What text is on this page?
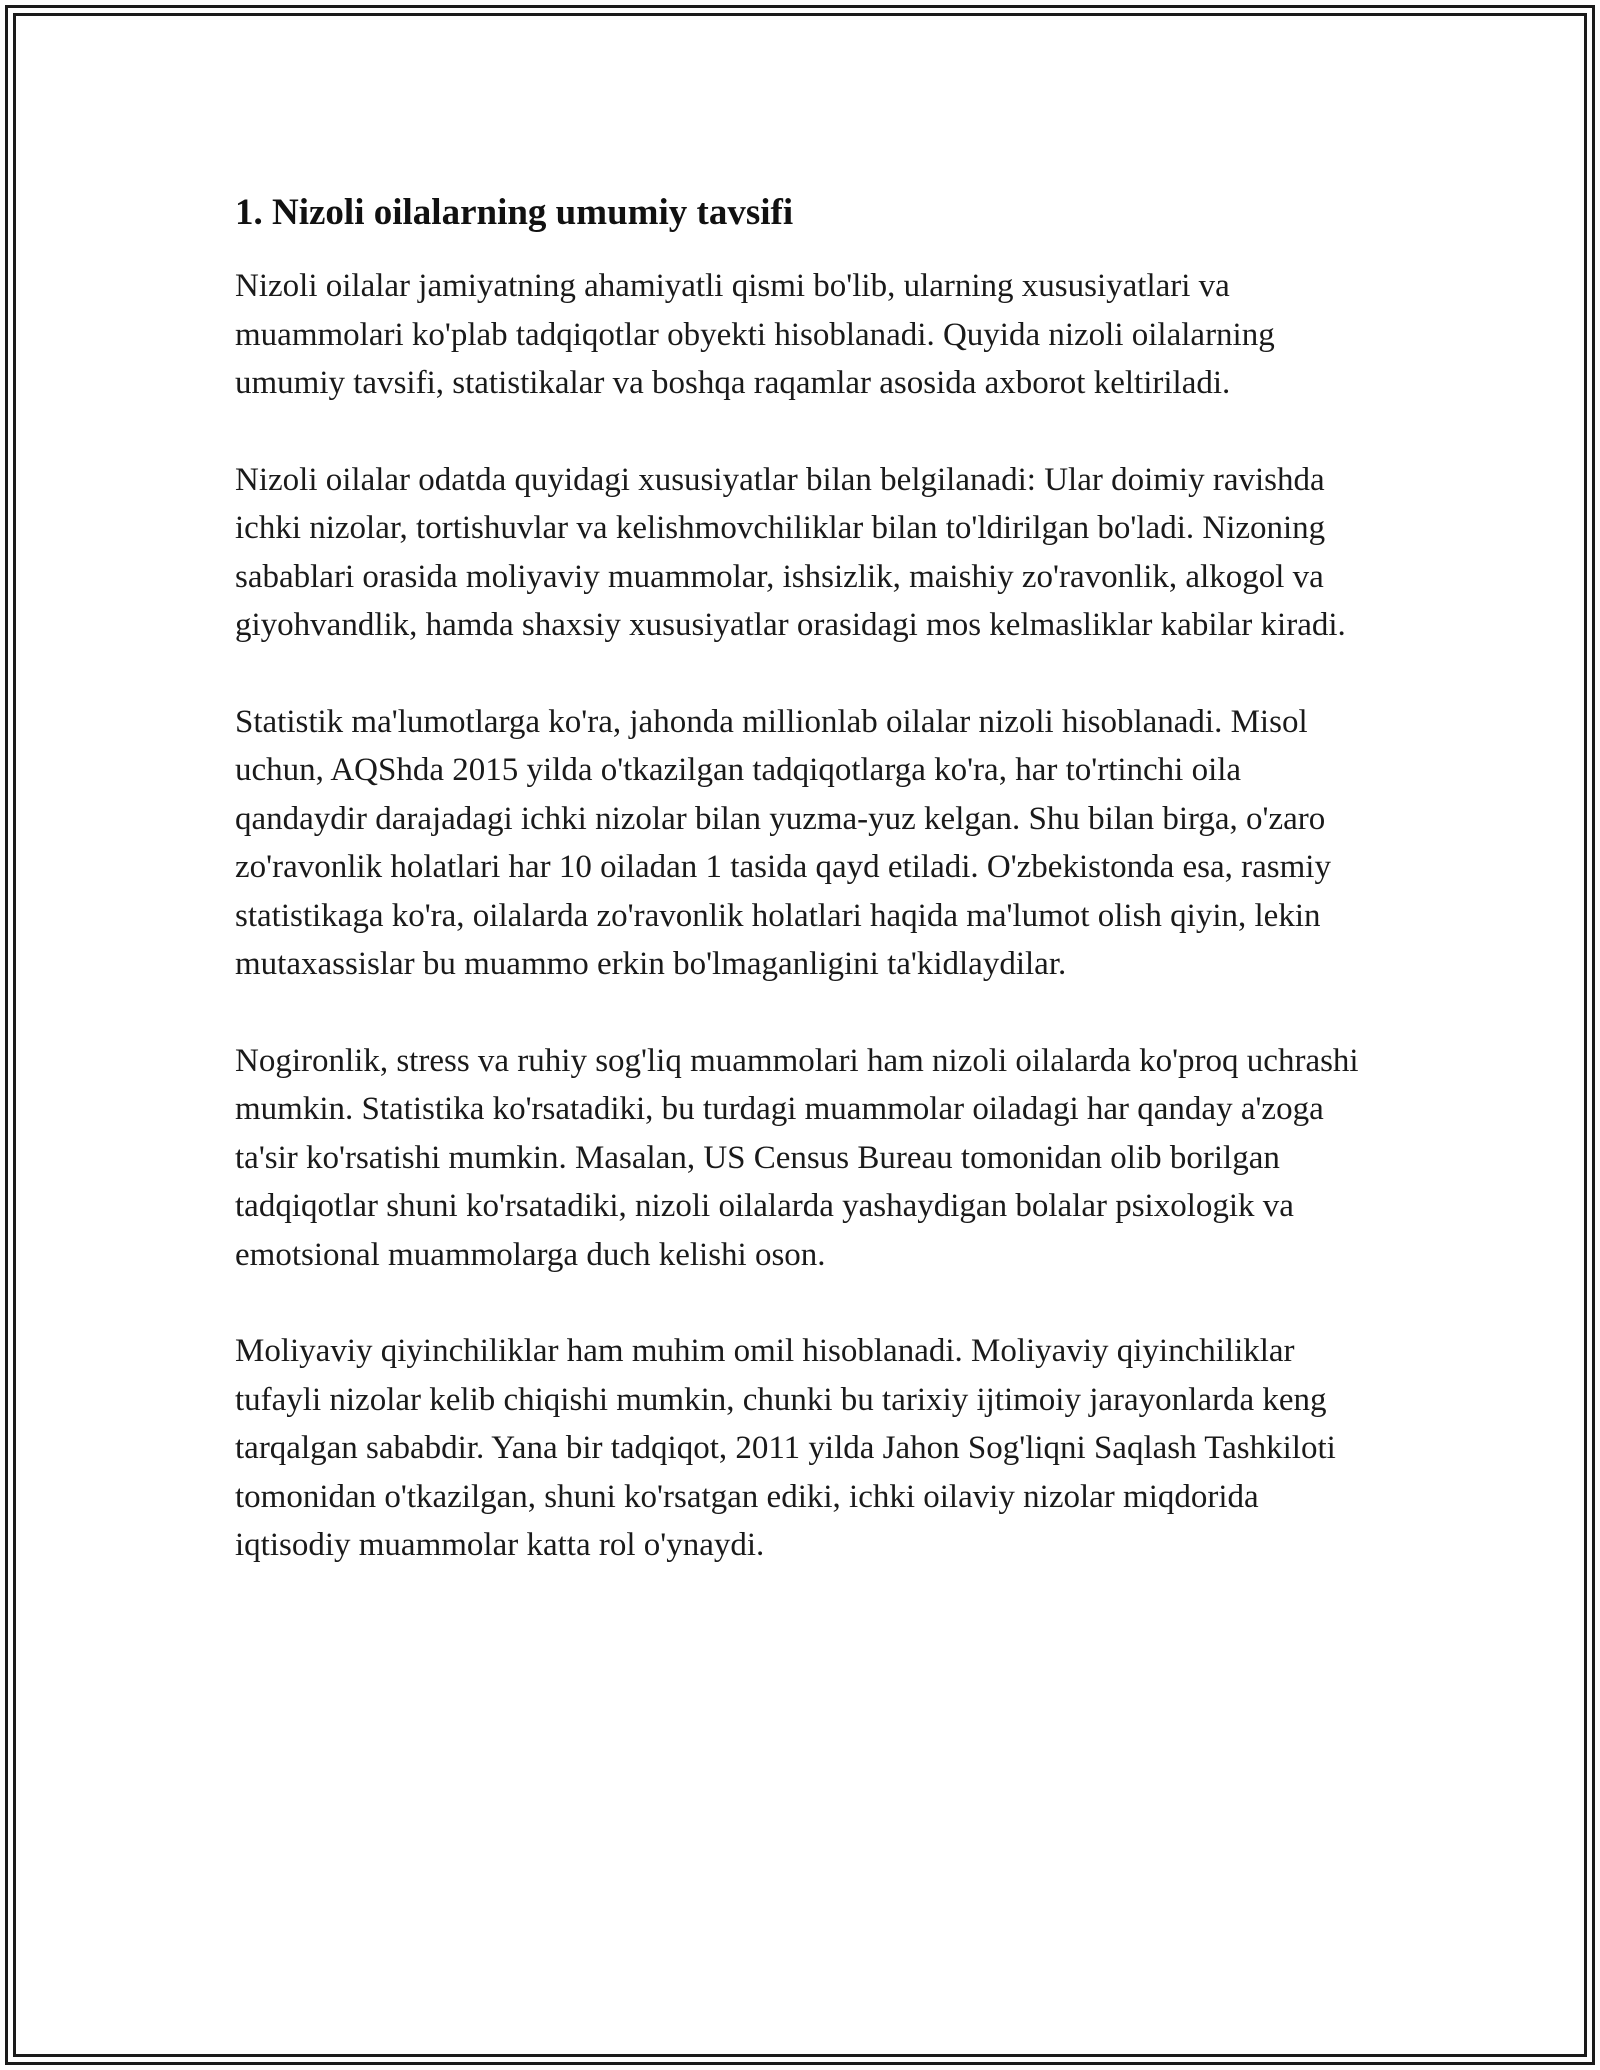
1. Nizoli oilalarning umumiy tavsifi

Nizoli oilalar jamiyatning ahamiyatli qismi bo'lib, ularning xususiyatlari va muammolari ko'plab tadqiqotlar obyekti hisoblanadi. Quyida nizoli oilalarning umumiy tavsifi, statistikalar va boshqa raqamlar asosida axborot keltiriladi.

Nizoli oilalar odatda quyidagi xususiyatlar bilan belgilanadi: Ular doimiy ravishda ichki nizolar, tortishuvlar va kelishmovchiliklar bilan to'ldirilgan bo'ladi. Nizoning sabablari orasida moliyaviy muammolar, ishsizlik, maishiy zo'ravonlik, alkogol va giyohvandlik, hamda shaxsiy xususiyatlar orasidagi mos kelmasliklar kabilar kiradi.

Statistik ma'lumotlarga ko'ra, jahonda millionlab oilalar nizoli hisoblanadi. Misol uchun, AQShda 2015 yilda o'tkazilgan tadqiqotlarga ko'ra, har to'rtinchi oila qandaydir darajadagi ichki nizolar bilan yuzma-yuz kelgan. Shu bilan birga, o'zaro zo'ravonlik holatlari har 10 oiladan 1 tasida qayd etiladi. O'zbekistonda esa, rasmiy statistikaga ko'ra, oilalarda zo'ravonlik holatlari haqida ma'lumot olish qiyin, lekin mutaxassislar bu muammo erkin bo'lmaganligini ta'kidlaydilar.

Nogironlik, stress va ruhiy sog'liq muammolari ham nizoli oilalarda ko'proq uchrashi mumkin. Statistika ko'rsatadiki, bu turdagi muammolar oiladagi har qanday a'zoga ta'sir ko'rsatishi mumkin. Masalan, US Census Bureau tomonidan olib borilgan tadqiqotlar shuni ko'rsatadiki, nizoli oilalarda yashaydigan bolalar psixologik va emotsional muammolarga duch kelishi oson.

Moliyaviy qiyinchiliklar ham muhim omil hisoblanadi. Moliyaviy qiyinchiliklar tufayli nizolar kelib chiqishi mumkin, chunki bu tarixiy ijtimoiy jarayonlarda keng tarqalgan sababdir. Yana bir tadqiqot, 2011 yilda Jahon Sog'liqni Saqlash Tashkiloti tomonidan o'tkazilgan, shuni ko'rsatgan ediki, ichki oilaviy nizolar miqdorida iqtisodiy muammolar katta rol o'ynaydi.
